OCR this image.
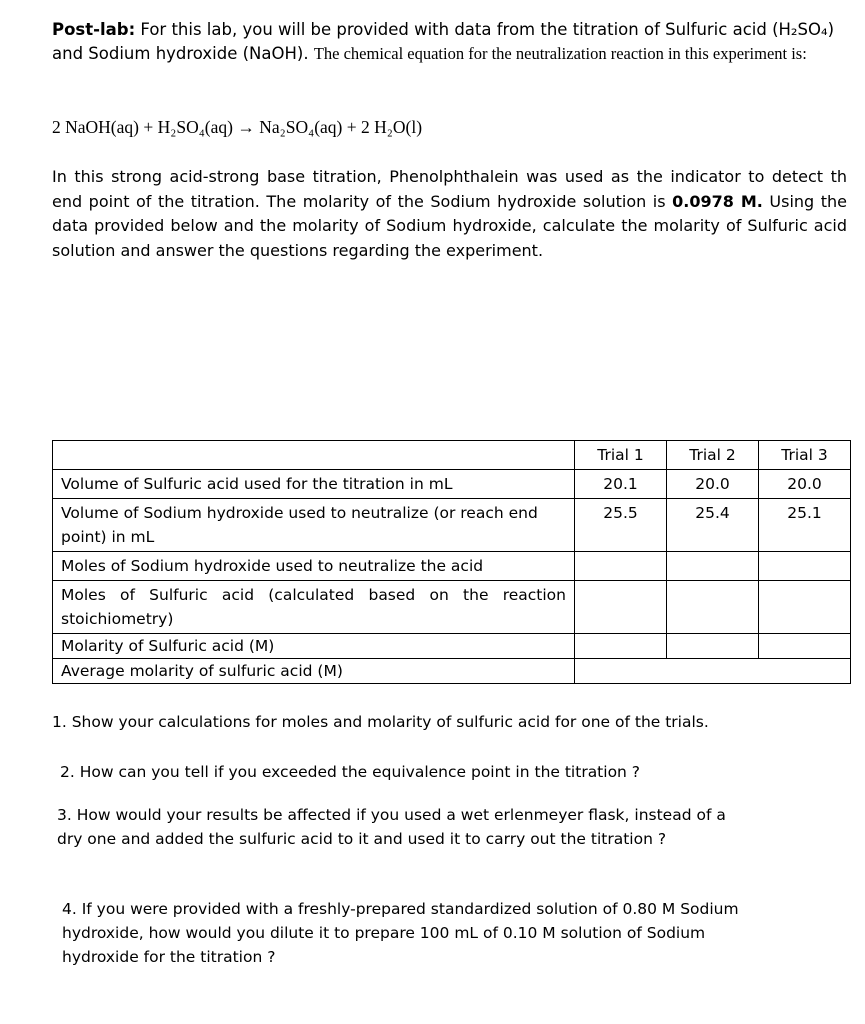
Post-lab: For this lab, you will be provided with data from the titration of Sulfuric acid (H₂SO₄) and Sodium hydroxide (NaOH). The chemical equation for the neutralization reaction in this experiment is:
2 NaOH(aq) + H₂SO₄(aq) → Na₂SO₄(aq) + 2 H₂O(l)
In this strong acid-strong base titration, Phenolphthalein was used as the indicator to detect th end point of the titration. The molarity of the Sodium hydroxide solution is 0.0978 M. Using the data provided below and the molarity of Sodium hydroxide, calculate the molarity of Sulfuric acid solution and answer the questions regarding the experiment.
	Trial 1	Trial 2	Trial 3
Volume of Sulfuric acid used for the titration in mL	20.1	20.0	20.0
Volume of Sodium hydroxide used to neutralize (or reach end point) in mL	25.5	25.4	25.1
Moles of Sodium hydroxide used to neutralize the acid			
Moles of Sulfuric acid (calculated based on the reaction stoichiometry)			
Molarity of Sulfuric acid (M)			
Average molarity of sulfuric acid (M)			
1. Show your calculations for moles and molarity of sulfuric acid for one of the trials.
2. How can you tell if you exceeded the equivalence point in the titration ?
3. How would your results be affected if you used a wet erlenmeyer flask, instead of a dry one and added the sulfuric acid to it and used it to carry out the titration ?
4. If you were provided with a freshly-prepared standardized solution of 0.80 M Sodium hydroxide, how would you dilute it to prepare 100 mL of 0.10 M solution of Sodium hydroxide for the titration ?
